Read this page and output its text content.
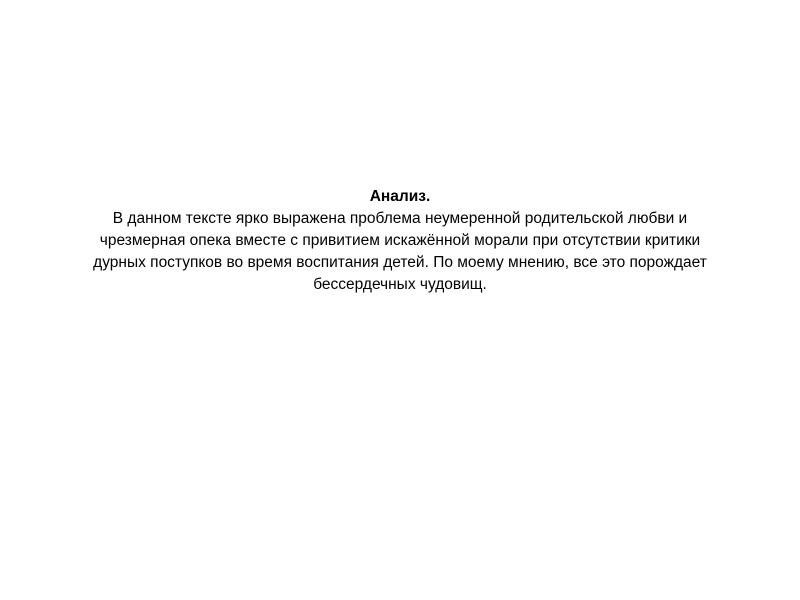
Анализ.

В данном тексте ярко выражена проблема неумеренной родительской любви и

чрезмерная опека вместе с привитием искажённой морали при отсутствии критики

дурных поступков во время воспитания детей. По моему мнению, все это порождает

бессердечных чудовищ.
